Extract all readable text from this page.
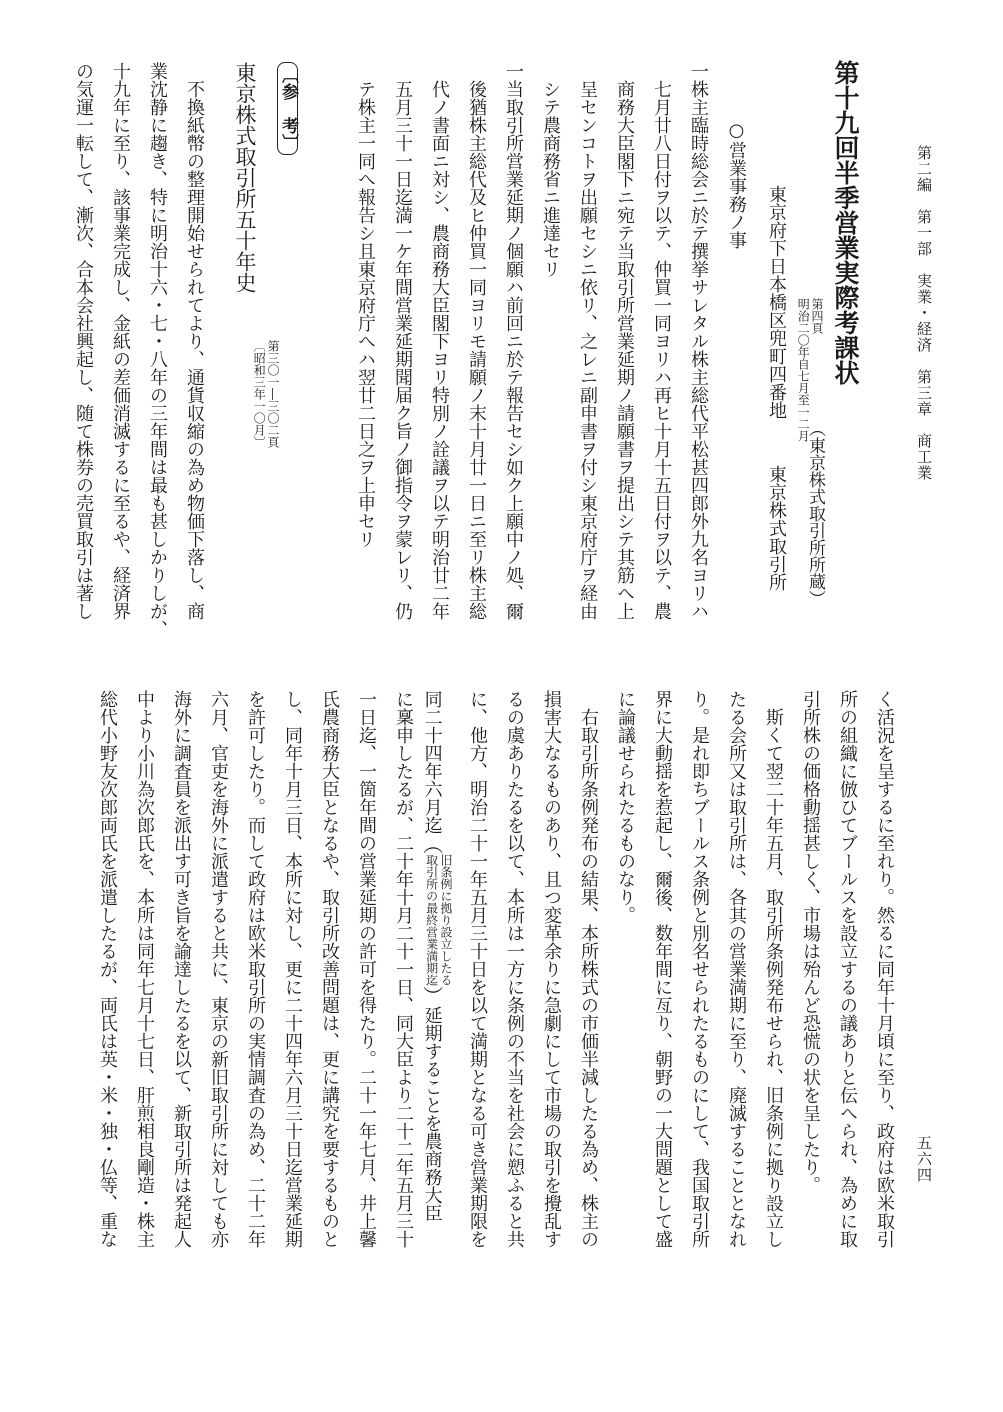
第二編　第一部　実業・経済　第三章　商工業
五六四
第十九回半季営業実際考課状
第四頁
明治二〇年自七月至一二月
（東京株式取引所所蔵）
東京府下日本橋区兜町四番地
東京株式取引所
○営業事務ノ事
一株主臨時総会ニ於テ撰挙サレタル株主総代平松甚四郎外九名ヨリハ
七月廿八日付ヲ以テ、仲買一同ヨリハ再ヒ十月十五日付ヲ以テ、農
商務大臣閣下ニ宛テ当取引所営業延期ノ請願書ヲ提出シテ其筋へ上
呈センコトヲ出願セシニ依リ、之レニ副申書ヲ付シ東京府庁ヲ経由
シテ農商務省ニ進達セリ
一当取引所営業延期ノ個願ハ前回ニ於テ報告セシ如ク上願中ノ処、爾
後猶株主総代及ヒ仲買一同ヨリモ請願ノ末十月廿一日ニ至リ株主総
代ノ書面ニ対シ、農商務大臣閣下ヨリ特別ノ詮議ヲ以テ明治廿二年
五月三十一日迄満一ケ年間営業延期聞届ク旨ノ御指令ヲ蒙レリ、仍
テ株主一同へ報告シ且東京府庁へハ翌廿二日之ヲ上申セリ
〔参　考〕
東京株式取引所五十年史
第三〇一―三〇二頁
〔昭和三年一〇月〕
不換紙幣の整理開始せられてより、通貨収縮の為め物価下落し、商
業沈静に趨き、特に明治十六・七・八年の三年間は最も甚しかりしが、
十九年に至り、該事業完成し、金紙の差価消滅するに至るや、経済界
の気運一転して、漸次、合本会社興起し、随て株券の売買取引は著し
く活況を呈するに至れり。然るに同年十月頃に至り、政府は欧米取引
所の組織に倣ひてブールスを設立するの議ありと伝へられ、為めに取
引所株の価格動揺甚しく、市場は殆んど恐慌の状を呈したり。
斯くて翌二十年五月、取引所条例発布せられ、旧条例に拠り設立し
たる会所又は取引所は、各其の営業満期に至り、廃滅することとなれ
り。是れ即ちブールス条例と別名せられたるものにして、我国取引所
界に大動揺を惹起し、爾後、数年間に亙り、朝野の一大問題として盛
に論議せられたるものなり。
右取引所条例発布の結果、本所株式の市価半減したる為め、株主の
損害大なるものあり、且つ変革余りに急劇にして市場の取引を攪乱す
るの虞ありたるを以て、本所は一方に条例の不当を社会に愬ふると共
に、他方、明治二十一年五月三十日を以て満期となる可き営業期限を
同二十四年六月迄（旧条例に拠り設立したる
取引所の最終営業満期迄）延期することを農商務大臣
に稟申したるが、二十年十月二十一日、同大臣より二十二年五月三十
一日迄、一箇年間の営業延期の許可を得たり。二十一年七月、井上馨
氏農商務大臣となるや、取引所改善問題は、更に講究を要するものと
し、同年十月三日、本所に対し、更に二十四年六月三十日迄営業延期
を許可したり。而して政府は欧米取引所の実情調査の為め、二十二年
六月、官吏を海外に派遣すると共に、東京の新旧取引所に対しても亦
海外に調査員を派出す可き旨を諭達したるを以て、新取引所は発起人
中より小川為次郎氏を、本所は同年七月十七日、肝煎相良剛造・株主
総代小野友次郎両氏を派遣したるが、両氏は英・米・独・仏等、重な
